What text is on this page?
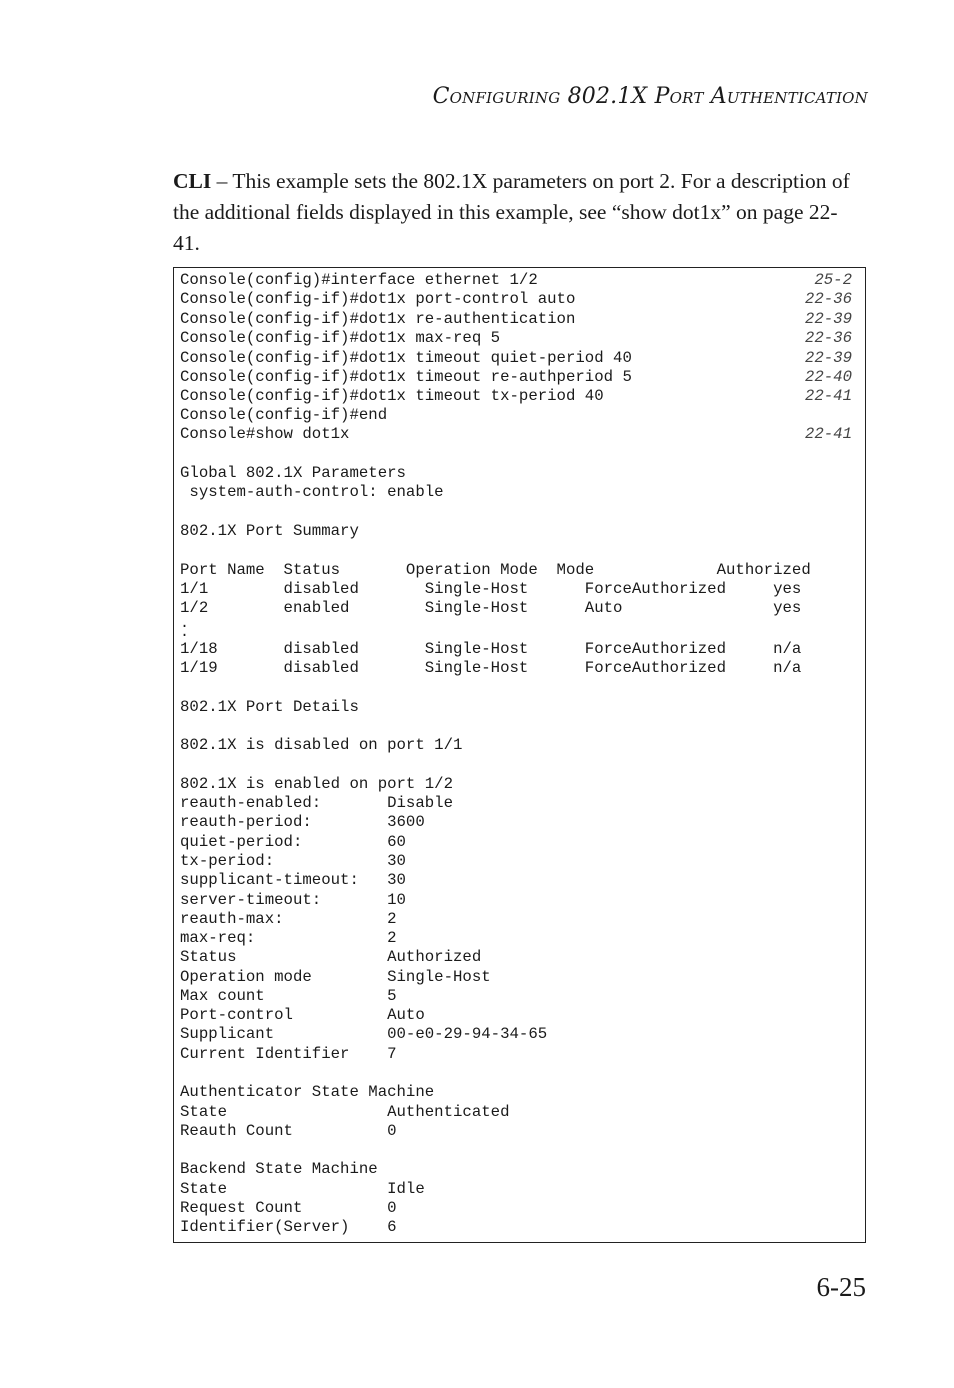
Configuring 802.1X Port Authentication
CLI – This example sets the 802.1X parameters on port 2. For a description of the additional fields displayed in this example, see “show dot1x” on page 22-41.
Console(config)#interface ethernet 1/2	25-2
Console(config-if)#dot1x port-control auto	22-36
Console(config-if)#dot1x re-authentication	22-39
Console(config-if)#dot1x max-req 5	22-36
Console(config-if)#dot1x timeout quiet-period 40	22-39
Console(config-if)#dot1x timeout re-authperiod 5	22-40
Console(config-if)#dot1x timeout tx-period 40	22-41
Console(config-if)#end
Console#show dot1x	22-41
Global 802.1X Parameters
system-auth-control: enable
802.1X Port Summary
Port Name  Status       Operation Mode  Mode             Authorized
1/1        disabled       Single-Host      ForceAuthorized     yes
1/2        enabled        Single-Host      Auto                yes
.
.
1/18       disabled       Single-Host      ForceAuthorized     n/a
1/19       disabled       Single-Host      ForceAuthorized     n/a
802.1X Port Details
802.1X is disabled on port 1/1
802.1X is enabled on port 1/2
reauth-enabled:       Disable
reauth-period:        3600
quiet-period:         60
tx-period:            30
supplicant-timeout:   30
server-timeout:       10
reauth-max:           2
max-req:              2
Status                Authorized
Operation mode        Single-Host
Max count             5
Port-control          Auto
Supplicant            00-e0-29-94-34-65
Current Identifier    7
Authenticator State Machine
State                 Authenticated
Reauth Count          0
Backend State Machine
State                 Idle
Request Count         0
Identifier(Server)    6
6-25
